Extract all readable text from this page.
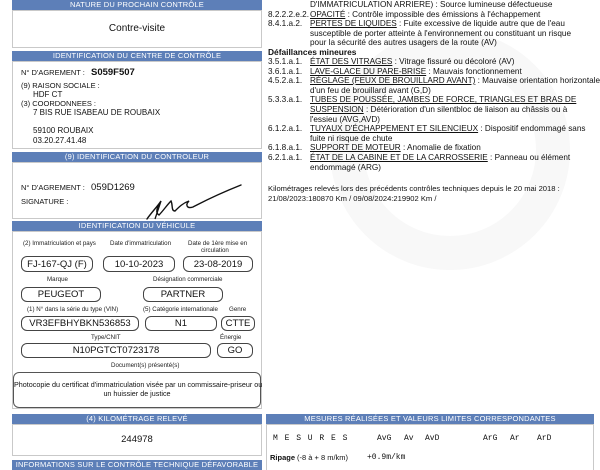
NATURE DU PROCHAIN CONTRÔLE
Contre-visite
IDENTIFICATION DU CENTRE DE CONTRÔLE
N° D'AGREMENT : S059F507
(9) RAISON SOCIALE :
HDF CT
(3) COORDONNEES :
7 BIS RUE ISABEAU DE ROUBAIX
59100 ROUBAIX
03.20.27.41.48
(9) IDENTIFICATION DU CONTROLEUR
N° D'AGREMENT : 059D1269
SIGNATURE :
IDENTIFICATION DU VÉHICULE
(2) Immatriculation et pays Date d'immatriculation	Date de 1ère mise en
circulation
FJ-167-QJ (F)	10-10-2023	23-08-2019
Marque	Désignation commerciale
PEUGEOT	PARTNER
(1) N° dans la série du type (VIN)	(5) Catégorie internationale Genre
VR3EFBHYBKN536853	N1	CTTE
Type/CNIT	Énergie
N10PGTCT0723178	GO
Document(s) présenté(s)
Photocopie du certificat d'immatriculation visée par un commissaire-priseur ou
un huissier de justice
(4) KILOMÉTRAGE RELEVÉ
244978
INFORMATIONS SUR LE CONTRÔLE TECHNIQUE DÉFAVORABLE
D'IMMATRICULATION ARRIERE) : Source lumineuse défectueuse
8.2.2.2.e.2. OPACITÉ : Contrôle impossible des émissions à l'échappement
8.4.1.a.2. PERTES DE LIQUIDES : Fuite excessive de liquide autre que de l'eau
susceptible de porter atteinte à l'environnement ou constituant un risque
pour la sécurité des autres usagers de la route (AV)
Défaillances mineures
3.5.1.a.1. ÉTAT DES VITRAGES : Vitrage fissuré ou décoloré (AV)
3.6.1.a.1. LAVE-GLACE DU PARE-BRISE : Mauvais fonctionnement
4.5.2.a.1. RÉGLAGE (FEUX DE BROUILLARD AVANT) : Mauvaise orientation horizontale
d'un feu de brouillard avant (G,D)
5.3.3.a.1. TUBES DE POUSSÉE, JAMBES DE FORCE, TRIANGLES ET BRAS DE
SUSPENSION : Détérioration d'un silentbloc de liaison au châssis ou à
l'essieu (AVG,AVD)
6.1.2.a.1. TUYAUX D'ÉCHAPPEMENT ET SILENCIEUX : Dispositif endommagé sans
fuite ni risque de chute
6.1.8.a.1. SUPPORT DE MOTEUR : Anomalie de fixation
6.2.1.a.1. ÉTAT DE LA CABINE ET DE LA CARROSSERIE : Panneau ou élément
endommagé (ARG)
Kilométrages relevés lors des précédents contrôles techniques depuis le 20 mai 2018 :
21/08/2023:180870 Km / 09/08/2024:219902 Km /
MESURES RÉALISÉES ET VALEURS LIMITES CORRESPONDANTES
M E S U R E S	AvG Av AvD	ArG Ar ArD
Ripage (-8 à + 8 m/km) +0.9m/km
